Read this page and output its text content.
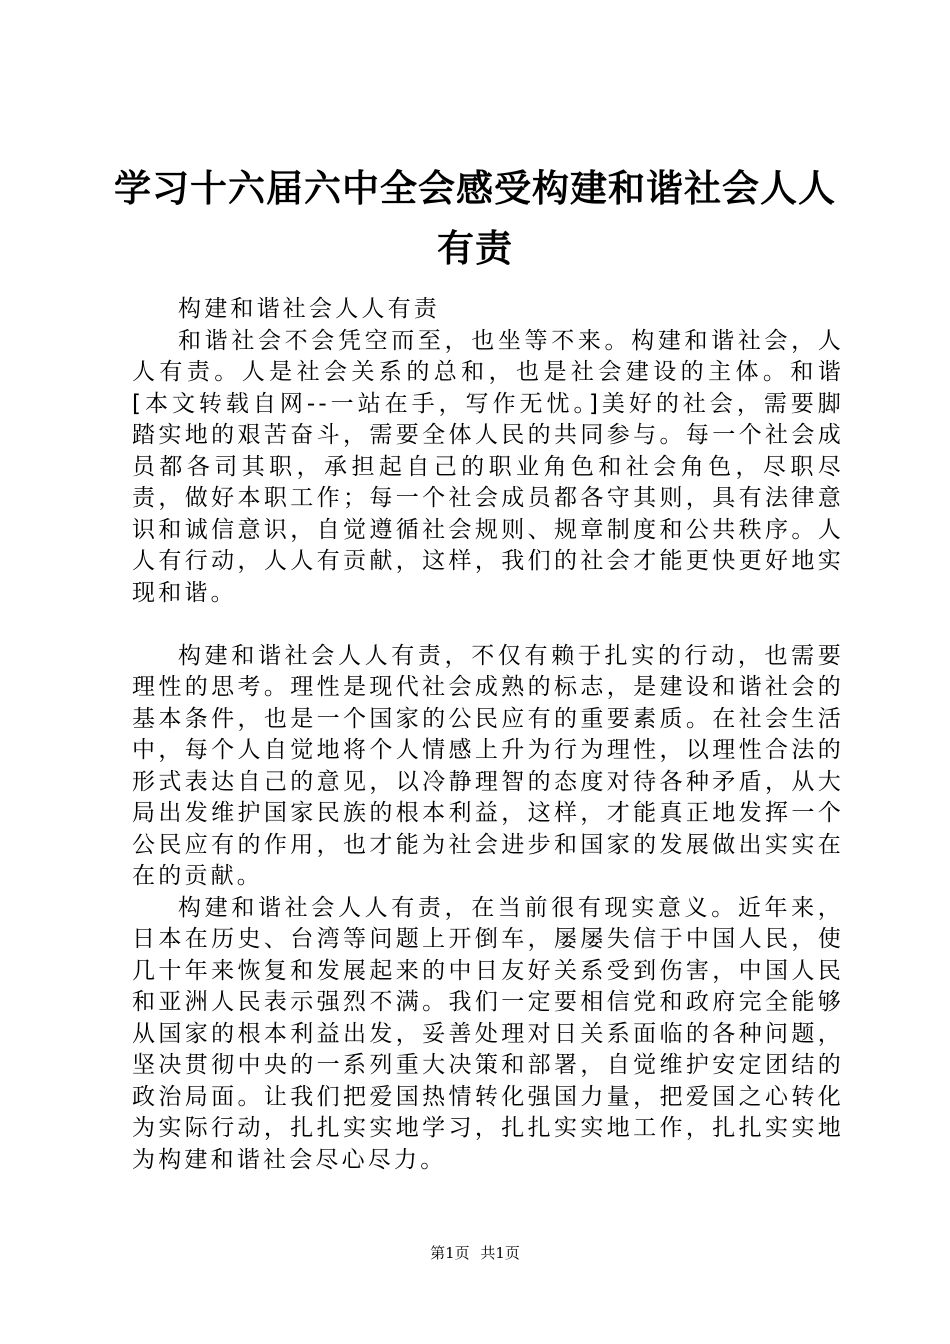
学习十六届六中全会感受构建和谐社会人人有责

构建和谐社会人人有责

和谐社会不会凭空而至，也坐等不来。构建和谐社会，人人有责。人是社会关系的总和，也是社会建设的主体。和谐[本文转载自网--一站在手，写作无忧。]美好的社会，需要脚踏实地的艰苦奋斗，需要全体人民的共同参与。每一个社会成员都各司其职，承担起自己的职业角色和社会角色，尽职尽责，做好本职工作；每一个社会成员都各守其则，具有法律意识和诚信意识，自觉遵循社会规则、规章制度和公共秩序。人人有行动，人人有贡献，这样，我们的社会才能更快更好地实现和谐。

构建和谐社会人人有责，不仅有赖于扎实的行动，也需要理性的思考。理性是现代社会成熟的标志，是建设和谐社会的基本条件，也是一个国家的公民应有的重要素质。在社会生活中，每个人自觉地将个人情感上升为行为理性，以理性合法的形式表达自己的意见，以冷静理智的态度对待各种矛盾，从大局出发维护国家民族的根本利益，这样，才能真正地发挥一个公民应有的作用，也才能为社会进步和国家的发展做出实实在在的贡献。

构建和谐社会人人有责，在当前很有现实意义。近年来，日本在历史、台湾等问题上开倒车，屡屡失信于中国人民，使几十年来恢复和发展起来的中日友好关系受到伤害，中国人民和亚洲人民表示强烈不满。我们一定要相信党和政府完全能够从国家的根本利益出发，妥善处理对日关系面临的各种问题，坚决贯彻中央的一系列重大决策和部署，自觉维护安定团结的政治局面。让我们把爱国热情转化强国力量，把爱国之心转化为实际行动，扎扎实实地学习，扎扎实实地工作，扎扎实实地为构建和谐社会尽心尽力。

第1页 共1页
